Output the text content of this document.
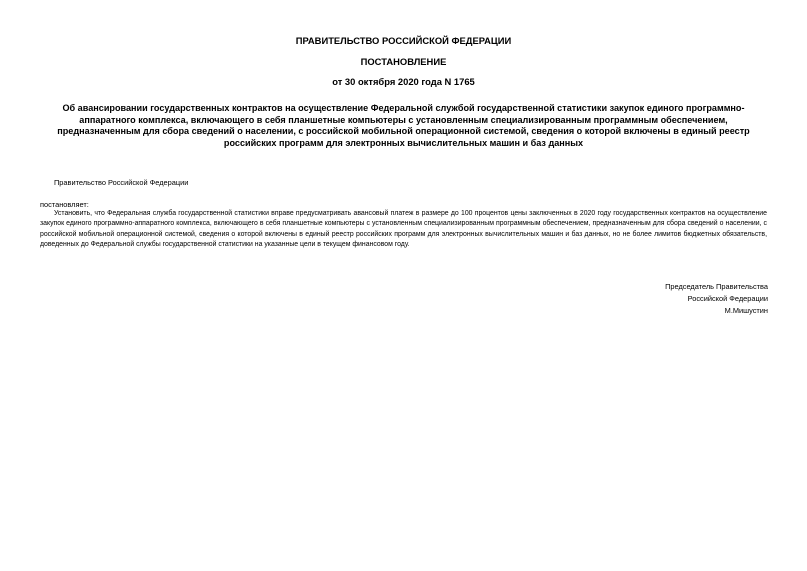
ПРАВИТЕЛЬСТВО РОССИЙСКОЙ ФЕДЕРАЦИИ

ПОСТАНОВЛЕНИЕ

от 30 октября 2020 года N 1765

Об авансировании государственных контрактов на осуществление Федеральной службой государственной статистики закупок единого программно-аппаратного комплекса, включающего в себя планшетные компьютеры с установленным специализированным программным обеспечением, предназначенным для сбора сведений о населении, с российской мобильной операционной системой, сведения о которой включены в единый реестр российских программ для электронных вычислительных машин и баз данных

Правительство Российской Федерации

постановляет:

Установить, что Федеральная служба государственной статистики вправе предусматривать авансовый платеж в размере до 100 процентов цены заключенных в 2020 году государственных контрактов на осуществление закупок единого программно-аппаратного комплекса, включающего в себя планшетные компьютеры с установленным специализированным программным обеспечением, предназначенным для сбора сведений о населении, с российской мобильной операционной системой, сведения о которой включены в единый реестр российских программ для электронных вычислительных машин и баз данных, но не более лимитов бюджетных обязательств, доведенных до Федеральной службы государственной статистики на указанные цели в текущем финансовом году.

Председатель Правительства
Российской Федерации
М.Мишустин
